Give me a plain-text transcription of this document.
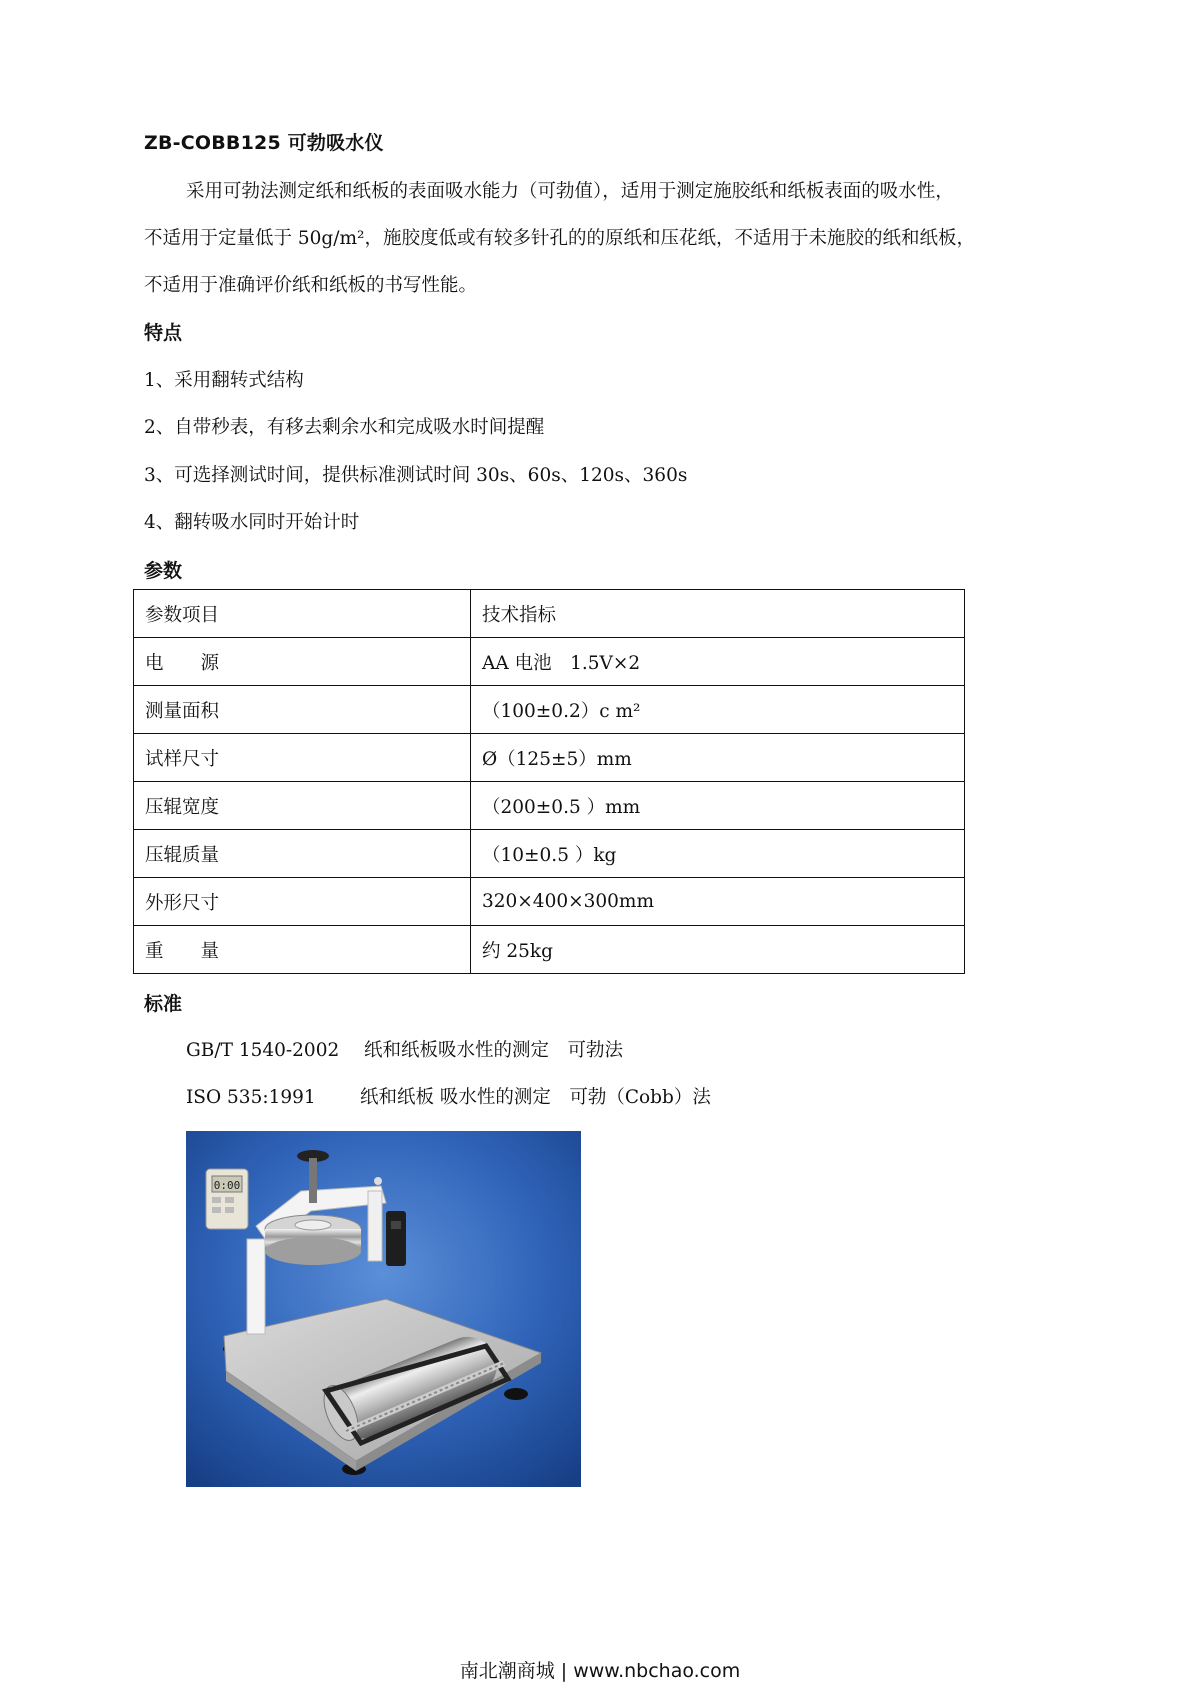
ZB-COBB125 可勃吸水仪

采用可勃法测定纸和纸板的表面吸水能力（可勃值），适用于测定施胶纸和纸板表面的吸水性，
不适用于定量低于 50g/m²，施胶度低或有较多针孔的的原纸和压花纸，不适用于未施胶的纸和纸板，
不适用于准确评价纸和纸板的书写性能。

特点
1、采用翻转式结构
2、自带秒表，有移去剩余水和完成吸水时间提醒
3、可选择测试时间，提供标准测试时间 30s、60s、120s、360s
4、翻转吸水同时开始计时
参数
参数项目	技术指标
电　　源	AA 电池　1.5V×2
测量面积	（100±0.2）c m²
试样尺寸	Ø（125±5）mm
压辊宽度	（200±0.5 ）mm
压辊质量	（10±0.5 ）kg
外形尺寸	320×400×300mm
重　　量	约 25kg
标准
GB/T 1540-2002 纸和纸板吸水性的测定　可勃法
ISO 535:1991 纸和纸板 吸水性的测定　可勃（Cobb）法
0:00
南北潮商城 | www.nbchao.com
